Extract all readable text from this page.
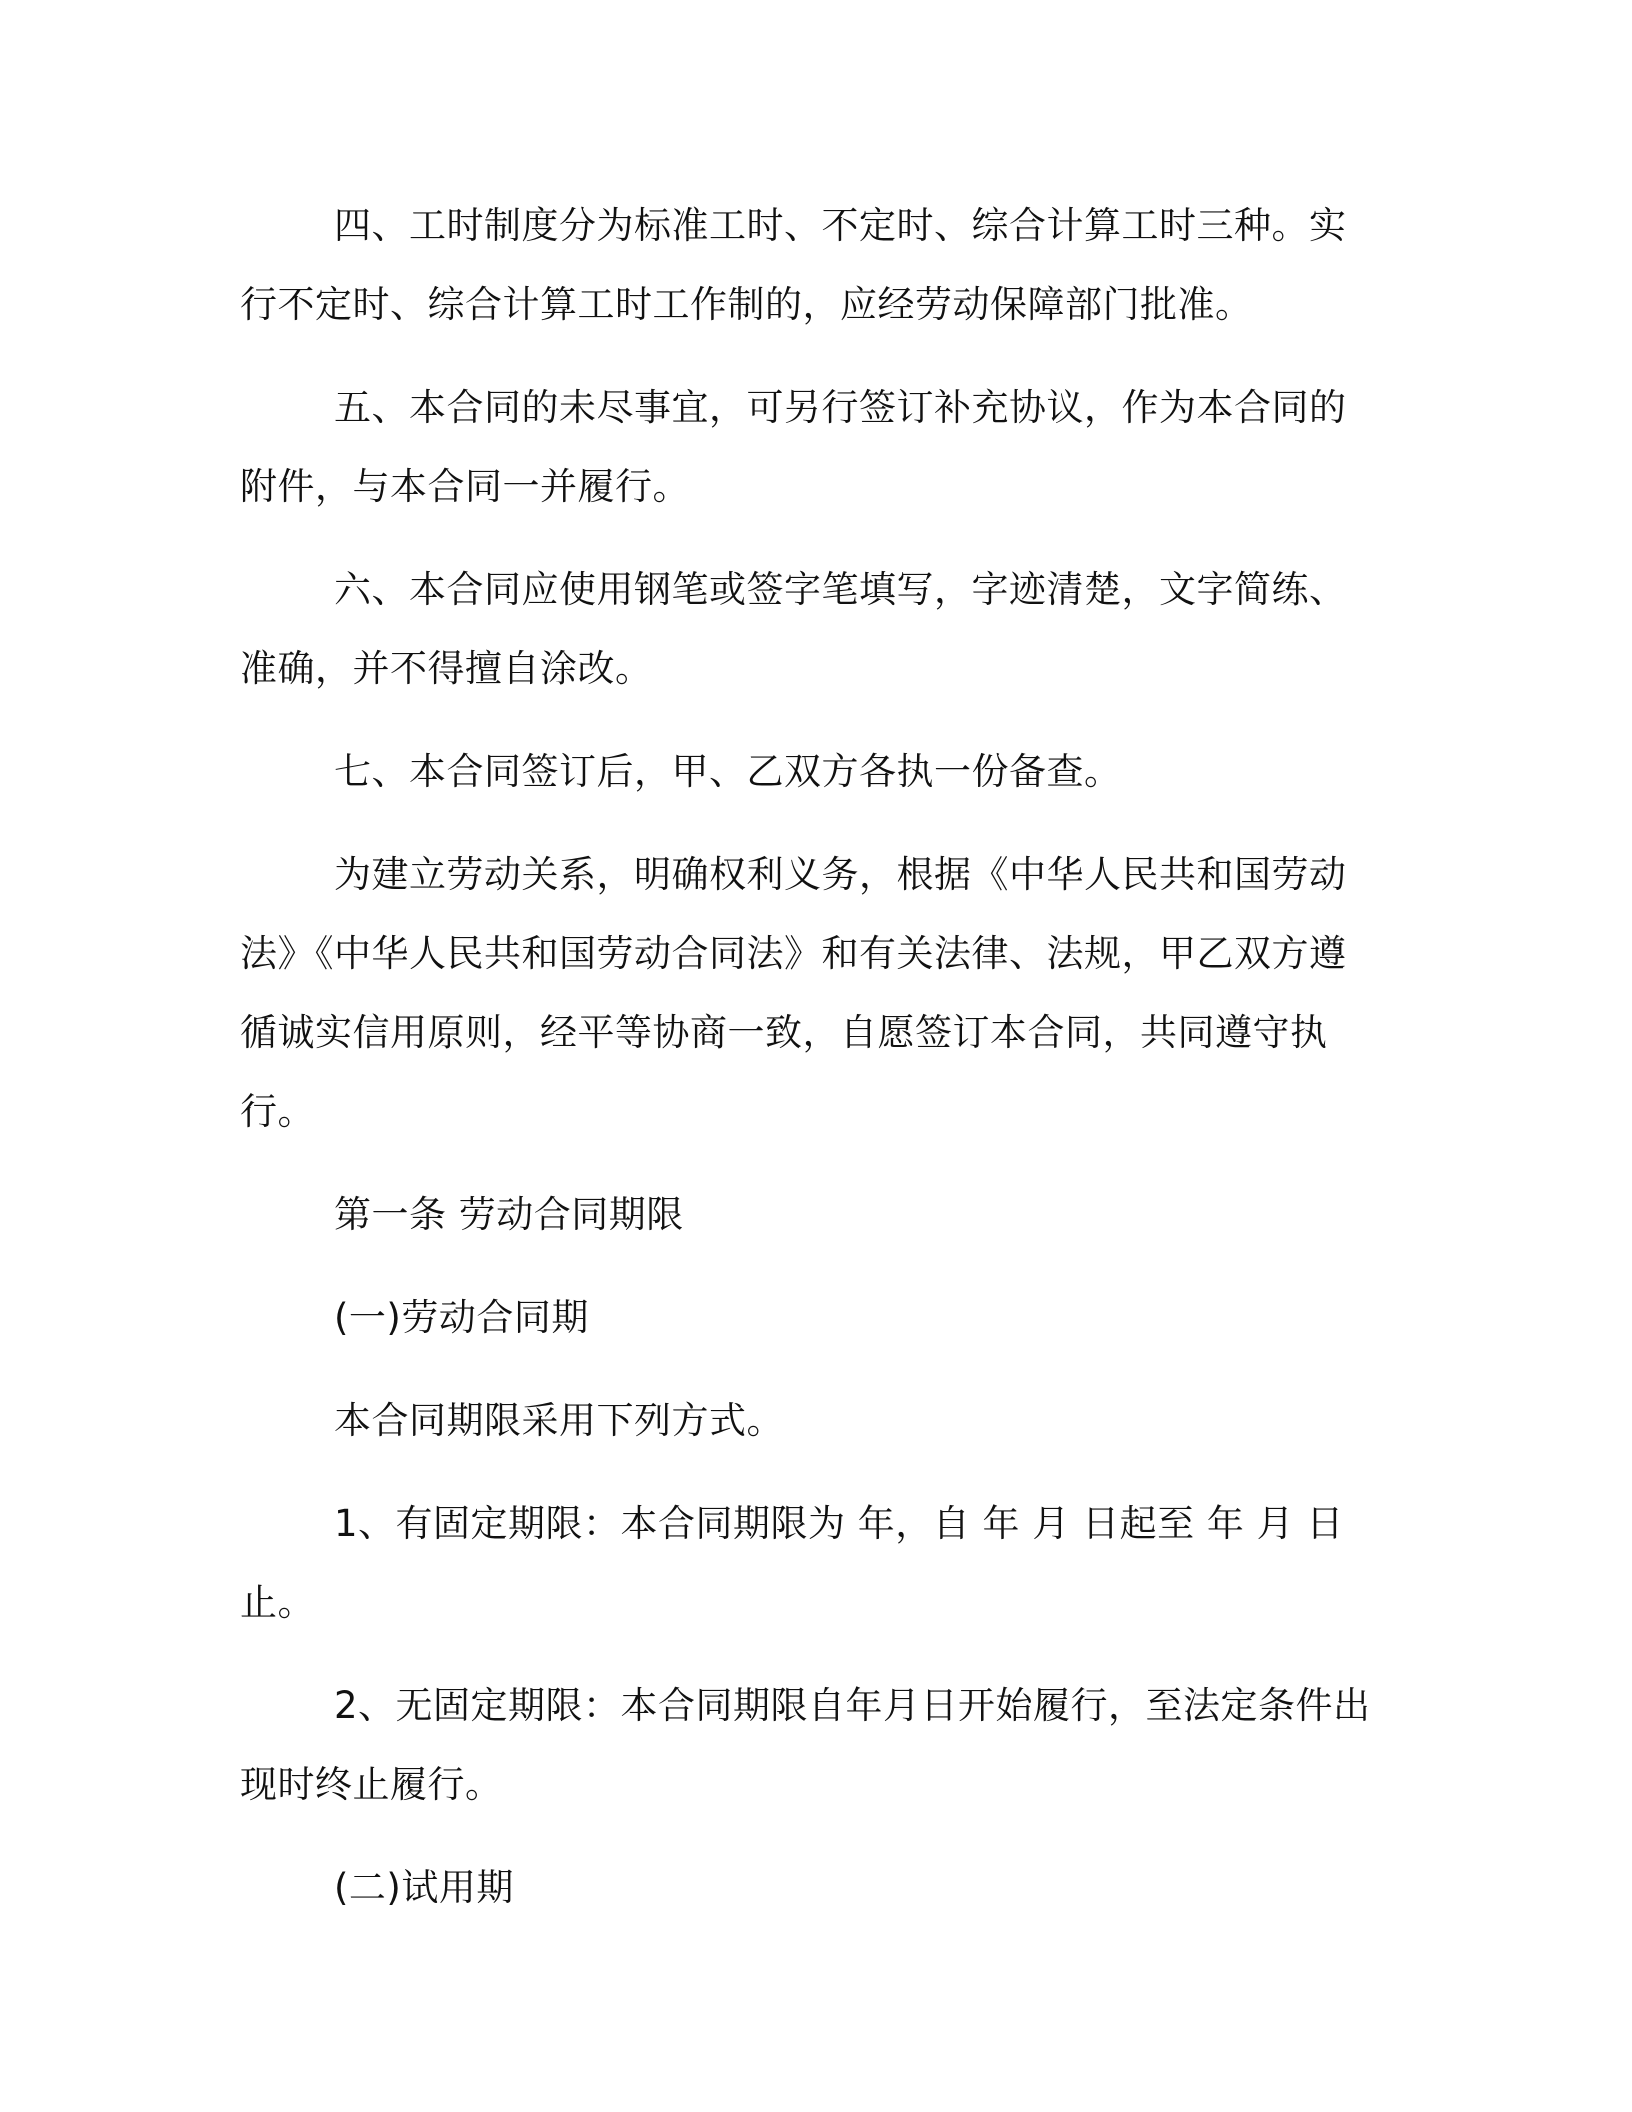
四、工时制度分为标准工时、不定时、综合计算工时三种。实行不定时、综合计算工时工作制的，应经劳动保障部门批准。

五、本合同的未尽事宜，可另行签订补充协议，作为本合同的附件，与本合同一并履行。

六、本合同应使用钢笔或签字笔填写，字迹清楚，文字简练、准确，并不得擅自涂改。

七、本合同签订后，甲、乙双方各执一份备查。

为建立劳动关系，明确权利义务，根据《中华人民共和国劳动法》《中华人民共和国劳动合同法》和有关法律、法规，甲乙双方遵循诚实信用原则，经平等协商一致，自愿签订本合同，共同遵守执行。

第一条 劳动合同期限

(一)劳动合同期

本合同期限采用下列方式。

1、有固定期限：本合同期限为 年，自 年 月 日起至 年 月 日止。

2、无固定期限：本合同期限自年月日开始履行，至法定条件出现时终止履行。

(二)试用期
